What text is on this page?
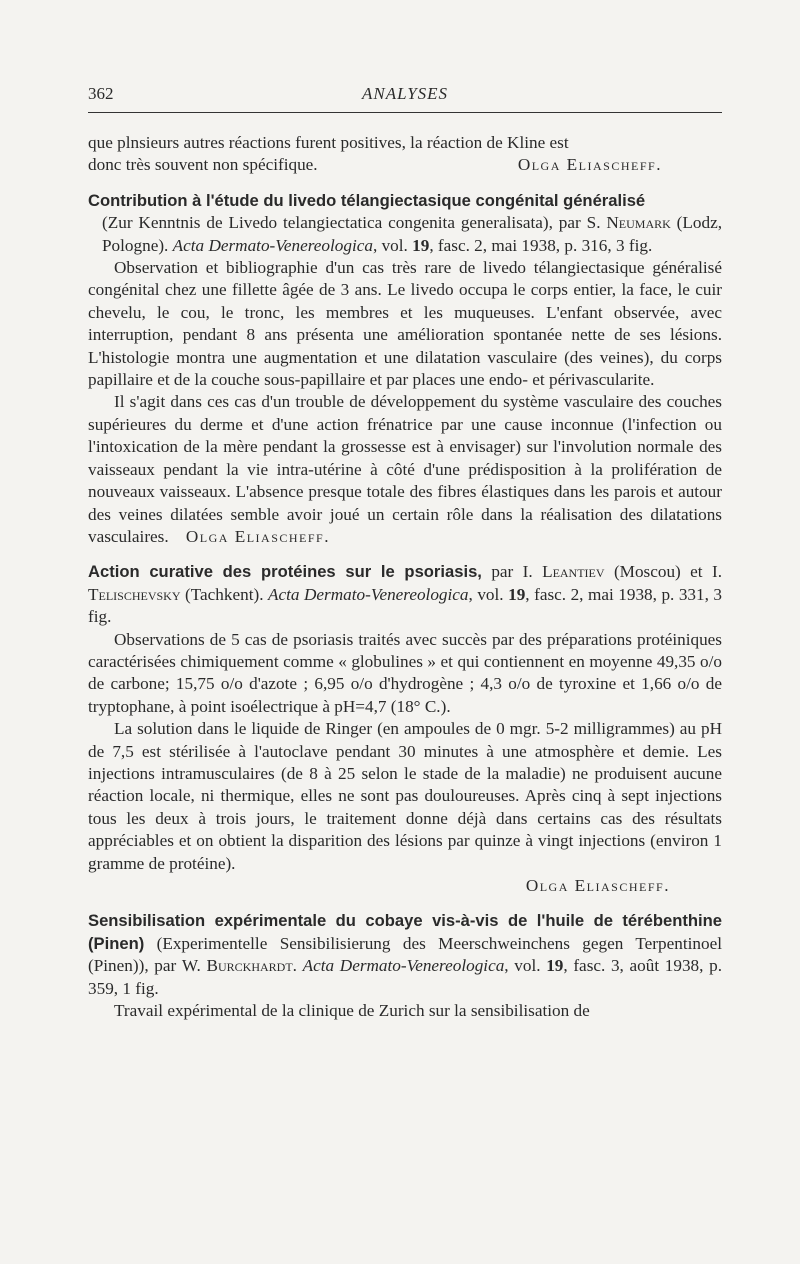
362	ANALYSES

que plnsieurs autres réactions furent positives, la réaction de Kline est

donc très souvent non spécifique.	Olga Eliascheff.

Contribution à l'étude du livedo télangiectasique congénital généralisé

(Zur Kenntnis de Livedo telangiectatica congenita generalisata), par S. Neumark (Lodz, Pologne). Acta Dermato-Venereologica, vol. 19, fasc. 2, mai 1938, p. 316, 3 fig.

Observation et bibliographie d'un cas très rare de livedo télangiectasique généralisé congénital chez une fillette âgée de 3 ans. Le livedo occupa le corps entier, la face, le cuir chevelu, le cou, le tronc, les membres et les muqueuses. L'enfant observée, avec interruption, pendant 8 ans présenta une amélioration spontanée nette de ses lésions. L'histologie montra une augmentation et une dilatation vasculaire (des veines), du corps papillaire et de la couche sous-papillaire et par places une endo- et périvascularite.

Il s'agit dans ces cas d'un trouble de développement du système vasculaire des couches supérieures du derme et d'une action frénatrice par une cause inconnue (l'infection ou l'intoxication de la mère pendant la grossesse est à envisager) sur l'involution normale des vaisseaux pendant la vie intra-utérine à côté d'une prédisposition à la prolifération de nouveaux vaisseaux. L'absence presque totale des fibres élastiques dans les parois et autour des veines dilatées semble avoir joué un certain rôle dans la réalisation des dilatations vasculaires. Olga Eliascheff.

Action curative des protéines sur le psoriasis, par I. Leantiev (Moscou) et I. Telischevsky (Tachkent). Acta Dermato-Venereologica, vol. 19, fasc. 2, mai 1938, p. 331, 3 fig.

Observations de 5 cas de psoriasis traités avec succès par des préparations protéiniques caractérisées chimiquement comme « globulines » et qui contiennent en moyenne 49,35 o/o de carbone; 15,75 o/o d'azote ; 6,95 o/o d'hydrogène ; 4,3 o/o de tyroxine et 1,66 o/o de tryptophane, à point isoélectrique à pH=4,7 (18° C.).

La solution dans le liquide de Ringer (en ampoules de 0 mgr. 5-2 milligrammes) au pH de 7,5 est stérilisée à l'autoclave pendant 30 minutes à une atmosphère et demie. Les injections intramusculaires (de 8 à 25 selon le stade de la maladie) ne produisent aucune réaction locale, ni thermique, elles ne sont pas douloureuses. Après cinq à sept injections tous les deux à trois jours, le traitement donne déjà dans certains cas des résultats appréciables et on obtient la disparition des lésions par quinze à vingt injections (environ 1 gramme de protéine).

Olga Eliascheff.

Sensibilisation expérimentale du cobaye vis-à-vis de l'huile de térébenthine (Pinen) (Experimentelle Sensibilisierung des Meerschweinchens gegen Terpentinoel (Pinen)), par W. Burckhardt. Acta Dermato-Venereologica, vol. 19, fasc. 3, août 1938, p. 359, 1 fig.

Travail expérimental de la clinique de Zurich sur la sensibilisation de
